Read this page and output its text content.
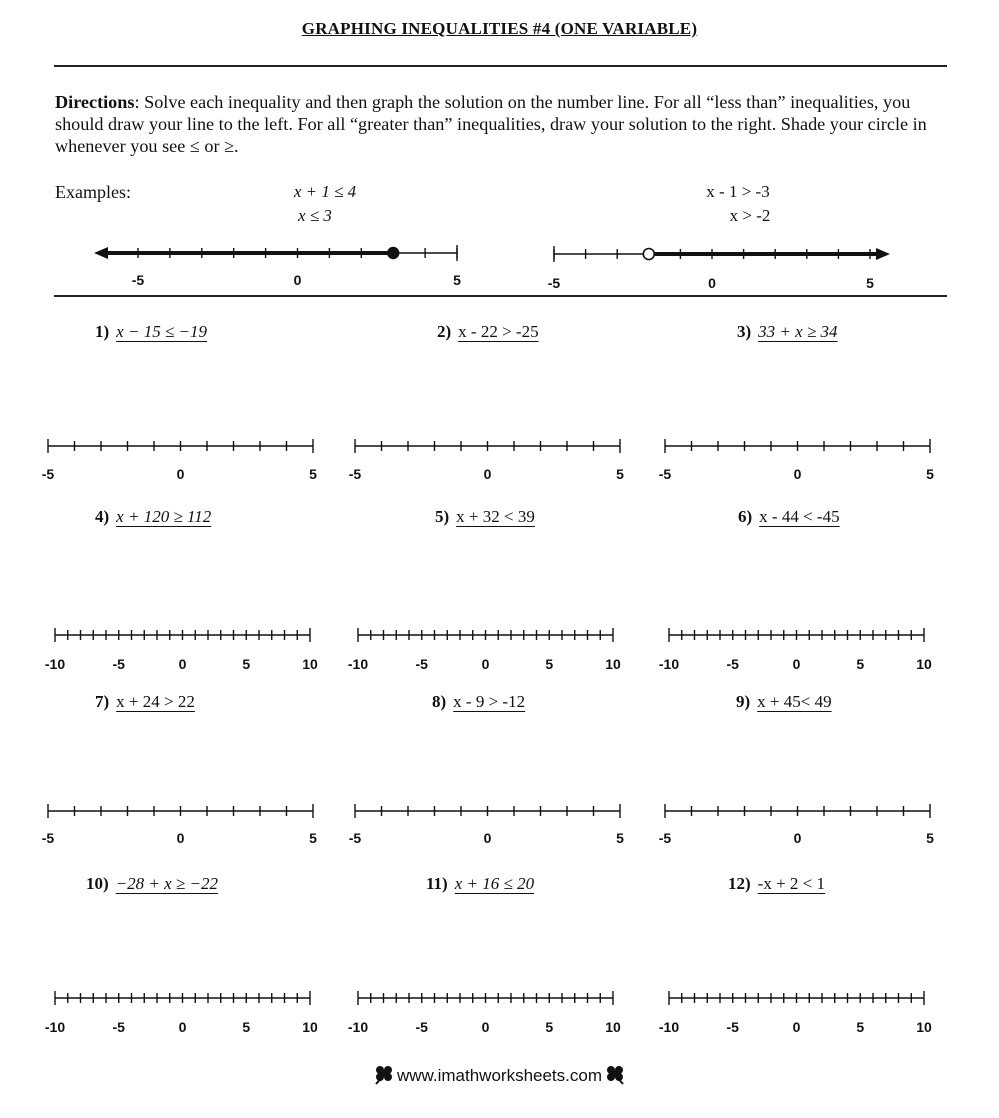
GRAPHING INEQUALITIES #4 (ONE VARIABLE)
Directions: Solve each inequality and then graph the solution on the number line. For all “less than” inequalities, you should draw your line to the left. For all “greater than” inequalities, draw your solution to the right. Shade your circle in whenever you see ≤ or ≥.
Examples:	x + 1 ≤ 4
x ≤ 3
x - 1 > -3
x > -2
1) x − 15 ≤ −19	2) x - 22 > -25	3) 33 + x ≥ 34
4) x + 120 ≥ 112	5) x + 32 < 39	6) x - 44 < -45
7) x + 24 > 22	8) x - 9 > -12	9) x + 45< 49
10) −28 + x ≥ −22	11) x + 16 ≤ 20	12) -x + 2 < 1
-5	0	5	-5	0	5
-5	0	5 -5	0	5 -5	0	5
-10	-5	0	5	10 -10	-5	0	5	10	-10	-5	0	5	10
-5	0	5 -5	0	5 -5	0	5
-10	-5	0	5	10 -10	-5	0	5	10	-10	-5	0	5	10
www.imathworksheets.com
